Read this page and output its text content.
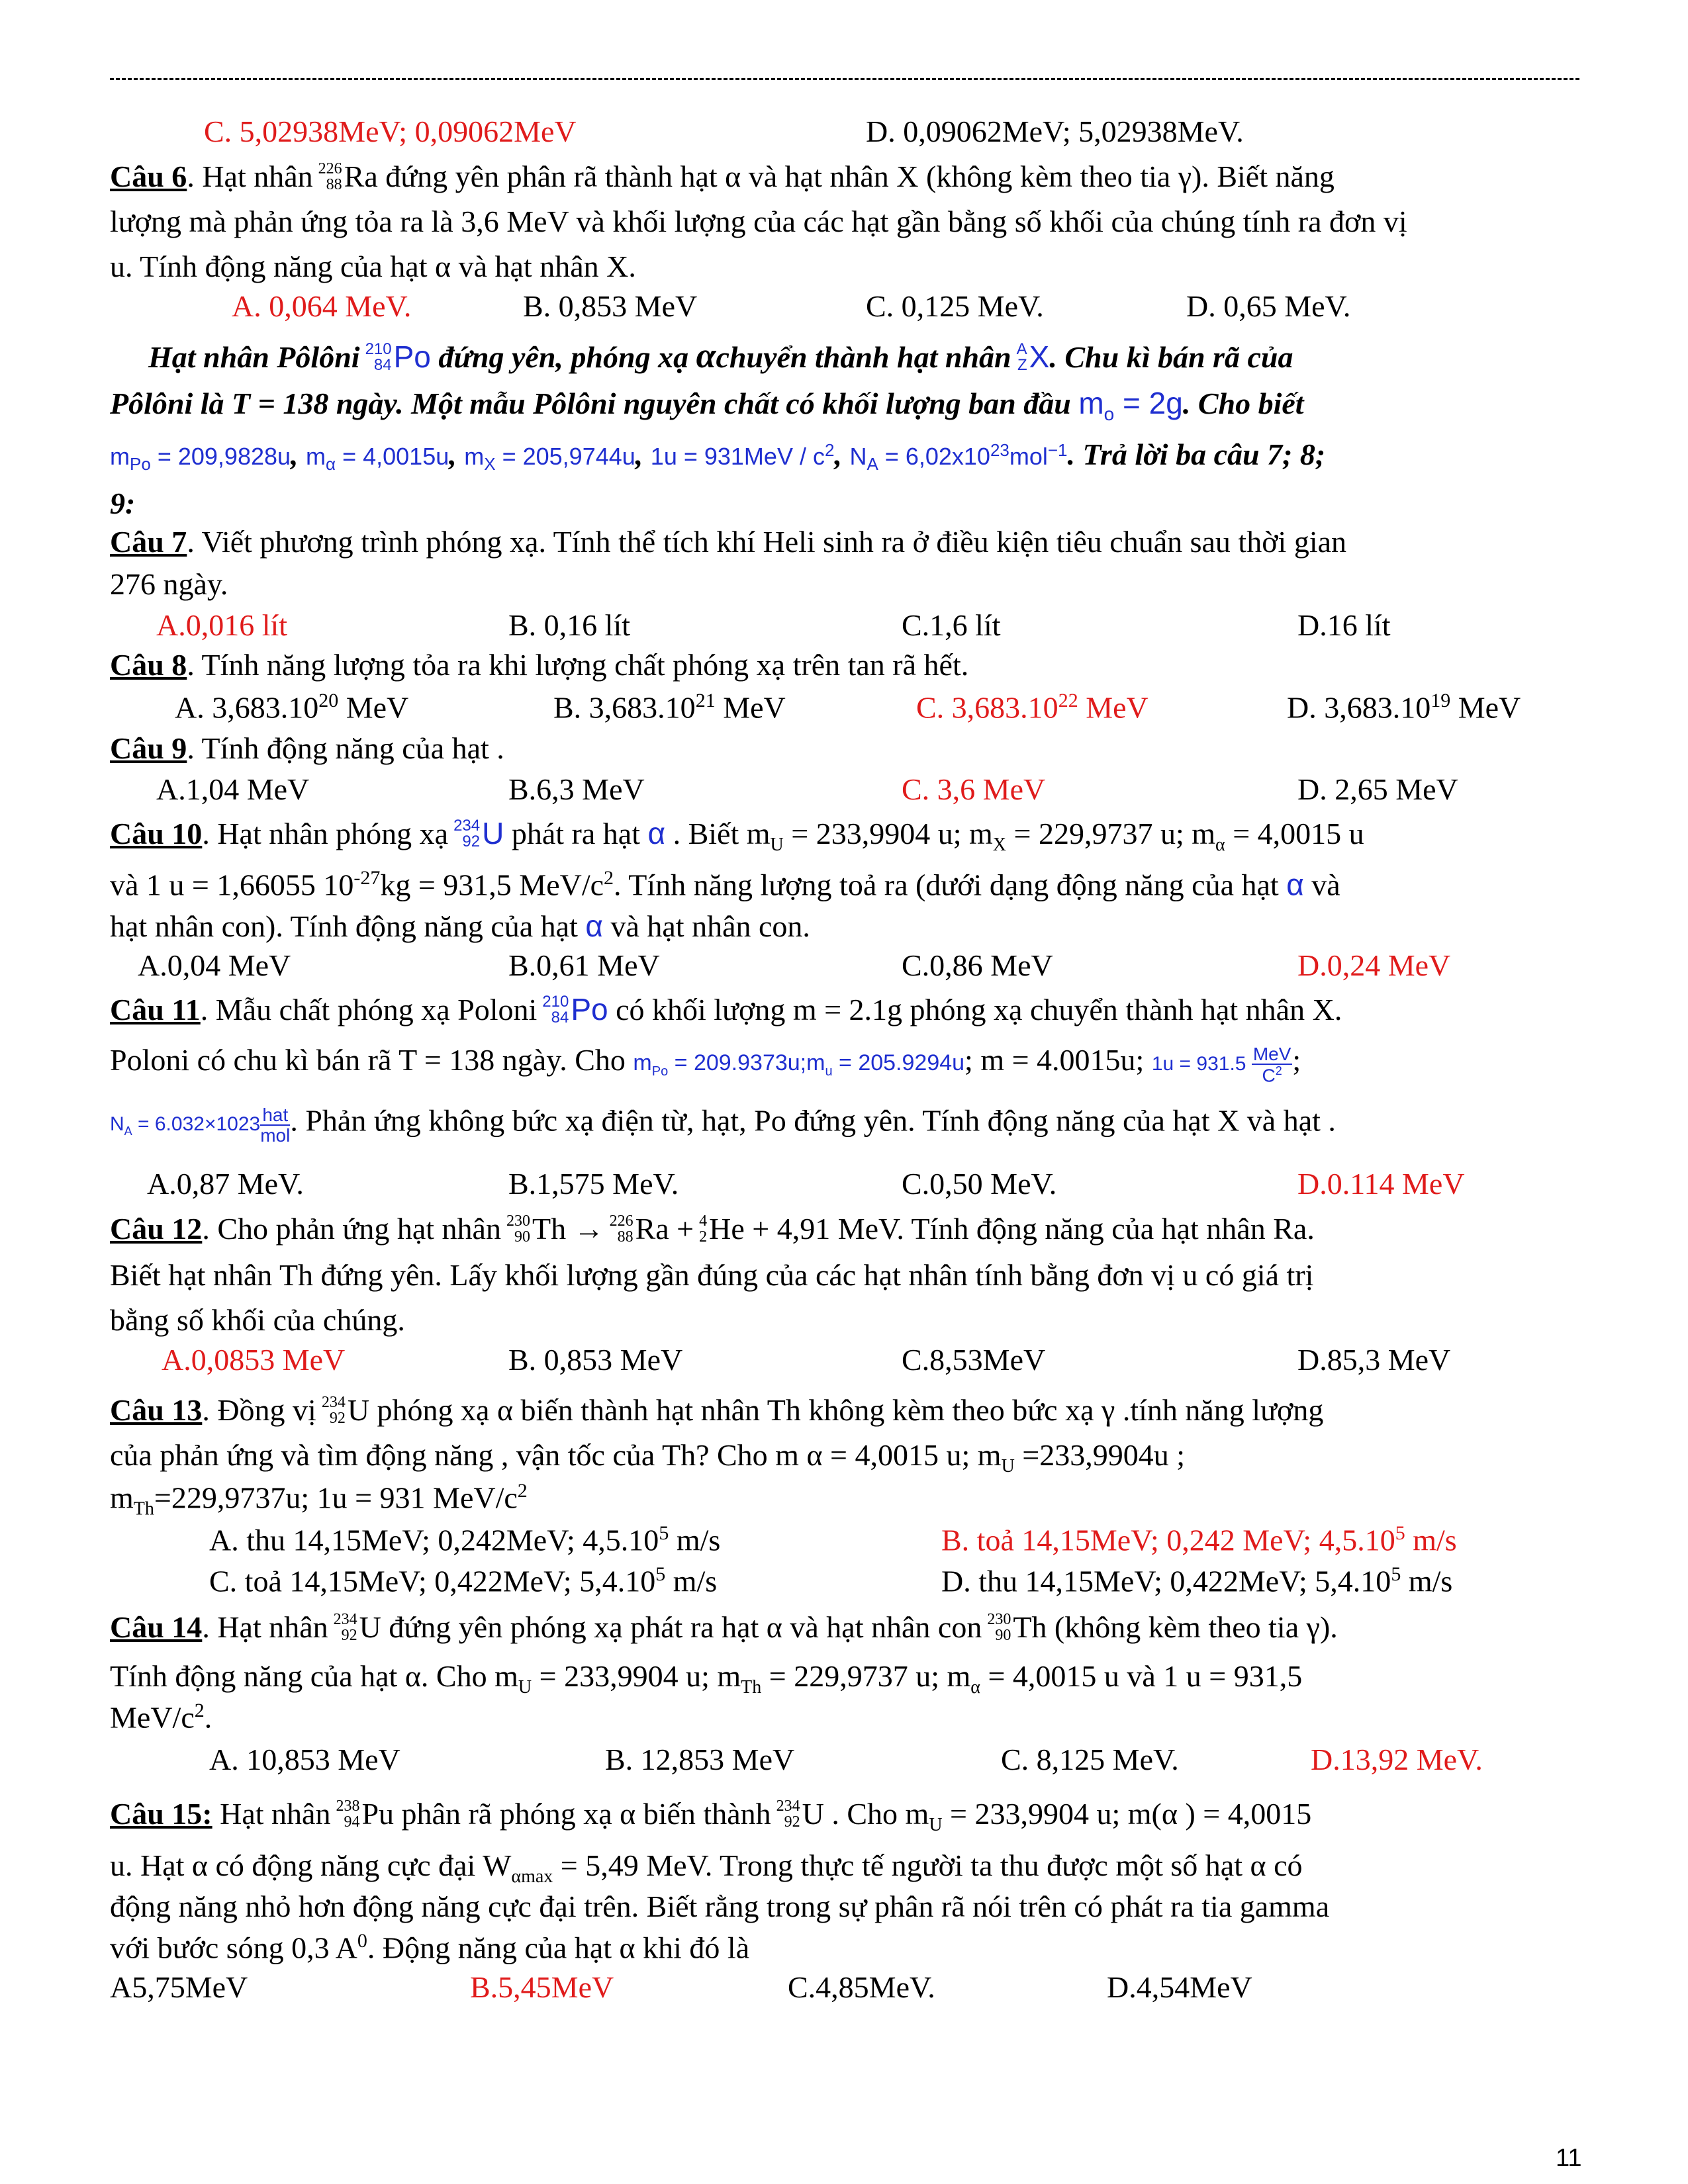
C. 5,02938MeV; 0,09062MeV	D. 0,09062MeV; 5,02938MeV.
Câu 6. Hạt nhân 226
88 Ra đứng yên phân rã thành hạt α và hạt nhân X (không kèm theo tia γ). Biết năng
lượng mà phản ứng tỏa ra là 3,6 MeV và khối lượng của các hạt gần bằng số khối của chúng tính ra đơn vị
u. Tính động năng của hạt α và hạt nhân X.
A. 0,064 MeV.	B. 0,853 MeV	C. 0,125 MeV.	D. 0,65 MeV.
Hạt nhân Pôlôni 210
84 Po đứng yên, phóng xạ αchuyển thành hạt nhân A
Z X. Chu kì bán rã của
Pôlôni là T = 138 ngày. Một mẫu Pôlôni nguyên chất có khối lượng ban đầu $m_o = 2g$. Cho biết
$m_{Po} = 209,9828u$, $m_\alpha = 4,0015u$, $m_X = 205,9744u$, $1u = 931MeV / c^2$, $N_A = 6,02x10^{23}mol^{-1}$. Trả lời ba câu 7; 8;
9:
Câu 7. Viết phương trình phóng xạ. Tính thể tích khí Heli sinh ra ở điều kiện tiêu chuẩn sau thời gian
276 ngày.
A.0,016 lít	B. 0,16 lít	C.1,6 lít	D.16 lít
Câu 8. Tính năng lượng tỏa ra khi lượng chất phóng xạ trên tan rã hết.
A. 3,683.10$^{20}$ MeV	B. 3,683.10$^{21}$ MeV	C. 3,683.10$^{22}$ MeV	D. 3,683.10$^{19}$ MeV
Câu 9. Tính động năng của hạt .
A.1,04 MeV	B.6,3 MeV	C. 3,6 MeV	D. 2,65 MeV
Câu 10. Hạt nhân phóng xạ 234
92 U phát ra hạt α . Biết $m_U = 233,9904$ u; $m_X = 229,9737$ u; $m_\alpha = 4,0015$ u
và 1 u = 1,66055 $10^{-27}kg = 931,5$ MeV/$c^2$. Tính năng lượng toả ra (dưới dạng động năng của hạt α và
hạt nhân con). Tính động năng của hạt α và hạt nhân con.
A.0,04 MeV	B.0,61 MeV	C.0,86 MeV	D.0,24 MeV
Câu 11. Mẫu chất phóng xạ Poloni 210
84 Po có khối lượng m = 2.1g phóng xạ chuyển thành hạt nhân X.
Poloni có chu kì bán rã T = 138 ngày. Cho $m_{Po}$ = $209.9373u;m_u = 205.9294u$; m = 4.0015u; $1u = 931.5 \frac{\text{MeV}}{C^2}$ ;
$N_A = 6.032\times 1023 \frac{\text{hat}}{\text{mol}}$ . Phản ứng không bức xạ điện từ, hạt, Po đứng yên. Tính động năng của hạt X và hạt .
A.0,87 MeV.	B.1,575 MeV.	C.0,50 MeV.	D.0.114 MeV
Câu 12. Cho phản ứng hạt nhân 230
90 Th → 226
88 Ra + 4
2 He + 4,91 MeV. Tính động năng của hạt nhân Ra.
Biết hạt nhân Th đứng yên. Lấy khối lượng gần đúng của các hạt nhân tính bằng đơn vị u có giá trị
bằng số khối của chúng.
A.0,0853 MeV	B. 0,853 MeV	C.8,53MeV	D.85,3 MeV
Câu 13. Đồng vị 234
92 U phóng xạ α biến thành hạt nhân Th không kèm theo bức xạ γ .tính năng lượng
của phản ứng và tìm động năng , vận tốc của Th? Cho m α = 4,0015 u; $m_U =233,9904u$ ;
$m_{Th}=229,9737u$; 1u = 931 MeV/$c^2$
A. thu 14,15MeV; 0,242MeV; 4,5.10$^5$ m/s	B. toả 14,15MeV; 0,242 MeV; 4,5.10$^5$ m/s
C. toả 14,15MeV; 0,422MeV; 5,4.10$^5$ m/s	D. thu 14,15MeV; 0,422MeV; 5,4.10$^5$ m/s
Câu 14. Hạt nhân 234
92 U đứng yên phóng xạ phát ra hạt α và hạt nhân con 230
90 Th (không kèm theo tia γ).
Tính động năng của hạt α. Cho $m_U = 233,9904$ u; $m_{Th} = 229,9737$ u; $m_\alpha = 4,0015$ u và 1 u = 931,5
MeV/$c^2$.
A. 10,853 MeV	B. 12,853 MeV	C. 8,125 MeV.	D.13,92 MeV.
Câu 15: Hạt nhân 238
94 Pu phân rã phóng xạ α biến thành 234
92 U . Cho $m_U = 233,9904$ u; m(α ) = 4,0015
u. Hạt α có động năng cực đại $W_{\alpha max} = 5,49$ MeV. Trong thực tế người ta thu được một số hạt α có
động năng nhỏ hơn động năng cực đại trên. Biết rằng trong sự phân rã nói trên có phát ra tia gamma
với bước sóng 0,3 $A^0$. Động năng của hạt α khi đó là
A5,75MeV	B.5,45MeV	C.4,85MeV.	D.4,54MeV
11
